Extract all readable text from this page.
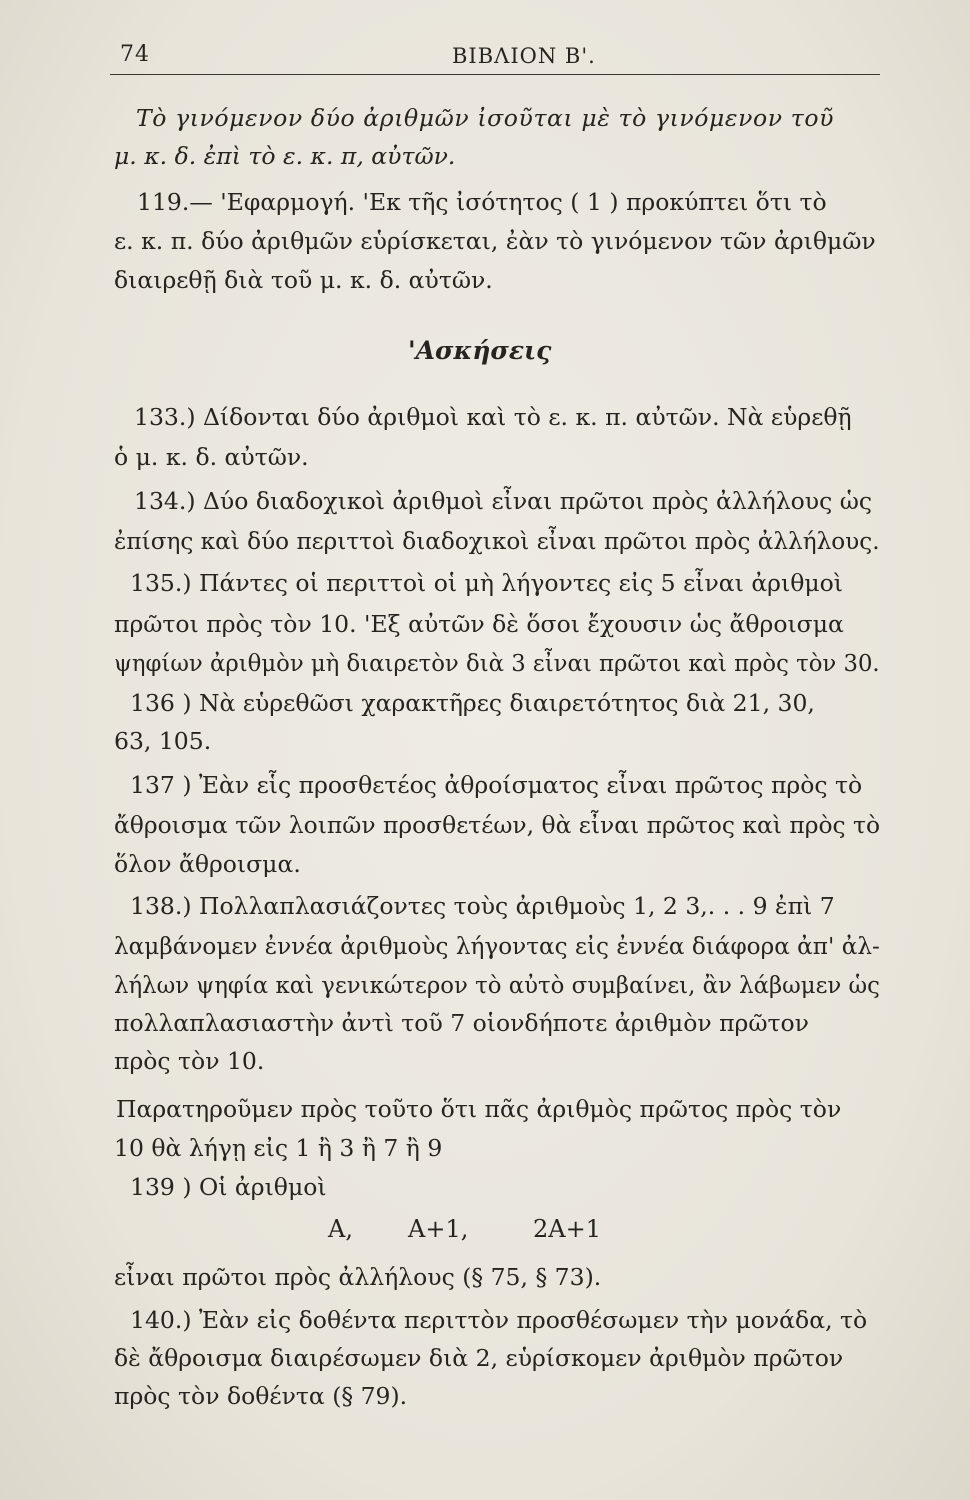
74	ΒΙΒΛΙΟΝ Β'.
Τὸ γινόμενον δύο ἀριθμῶν ἰσοῦται μὲ τὸ γινόμενον τοῦ
μ. κ. δ. ἐπὶ τὸ ε. κ. π, αὐτῶν.
119.— 'Εφαρμογή. 'Εκ τῆς ἰσότητος ( 1 ) προκύπτει ὅτι τὸ
ε. κ. π. δύο ἀριθμῶν εὑρίσκεται, ἐὰν τὸ γινόμενον τῶν ἀριθμῶν
διαιρεθῇ διὰ τοῦ μ. κ. δ. αὐτῶν.
'Ασκήσεις
133.) Δίδονται δύο ἀριθμοὶ καὶ τὸ ε. κ. π. αὐτῶν. Νὰ εὑρεθῇ
ὁ μ. κ. δ. αὐτῶν.
134.) Δύο διαδοχικοὶ ἀριθμοὶ εἶναι πρῶτοι πρὸς ἀλλήλους ὡς
ἐπίσης καὶ δύο περιττοὶ διαδοχικοὶ εἶναι πρῶτοι πρὸς ἀλλήλους.
135.) Πάντες οἱ περιττοὶ οἱ μὴ λήγοντες εἰς 5 εἶναι ἀριθμοὶ
πρῶτοι πρὸς τὸν 10. 'Εξ αὐτῶν δὲ ὅσοι ἔχουσιν ὡς ἄθροισμα
ψηφίων ἀριθμὸν μὴ διαιρετὸν διὰ 3 εἶναι πρῶτοι καὶ πρὸς τὸν 30.
136 ) Νὰ εὑρεθῶσι χαρακτῆρες διαιρετότητος διὰ 21, 30,
63, 105.
137 ) Ἐὰν εἷς προσθετέος ἀθροίσματος εἶναι πρῶτος πρὸς τὸ
ἄθροισμα τῶν λοιπῶν προσθετέων, θὰ εἶναι πρῶτος καὶ πρὸς τὸ
ὅλον ἄθροισμα.
138.) Πολλαπλασιάζοντες τοὺς ἀριθμοὺς 1, 2 3,. . . 9 ἐπὶ 7
λαμβάνομεν ἐννέα ἀριθμοὺς λήγοντας εἰς ἐννέα διάφορα ἀπ' ἀλ-
λήλων ψηφία καὶ γενικώτερον τὸ αὐτὸ συμβαίνει, ἂν λάβωμεν ὡς
πολλαπλασιαστὴν ἀντὶ τοῦ 7 οἱονδήποτε ἀριθμὸν πρῶτον
πρὸς τὸν 10.
Παρατηροῦμεν πρὸς τοῦτο ὅτι πᾶς ἀριθμὸς πρῶτος πρὸς τὸν
10 θὰ λήγῃ εἰς 1 ἢ 3 ἢ 7 ἢ 9
139 ) Οἱ ἀριθμοὶ
A, A+1,	2A+1
εἶναι πρῶτοι πρὸς ἀλλήλους (§ 75, § 73).
140.) Ἐὰν εἰς δοθέντα περιττὸν προσθέσωμεν τὴν μονάδα, τὸ
δὲ ἄθροισμα διαιρέσωμεν διὰ 2, εὑρίσκομεν ἀριθμὸν πρῶτον
πρὸς τὸν δοθέντα (§ 79).
